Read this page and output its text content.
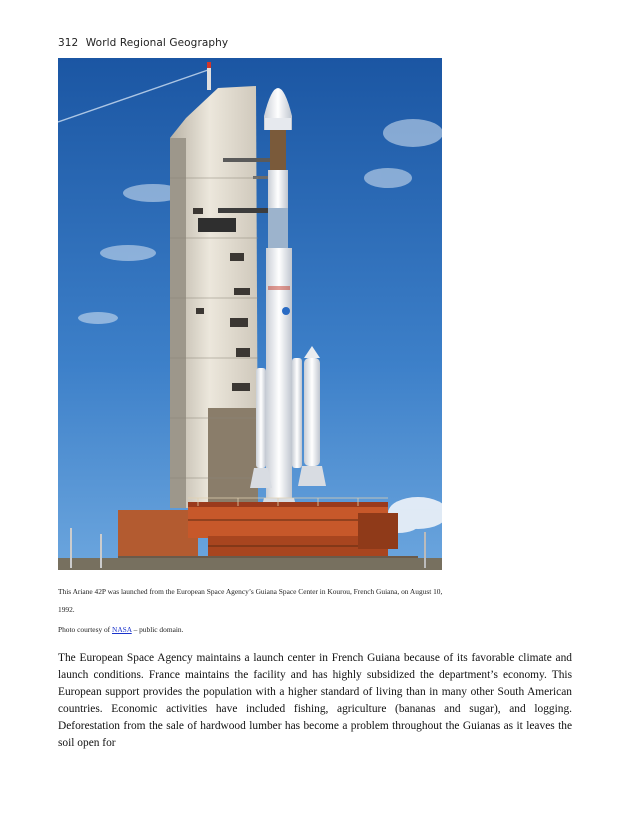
312 World Regional Geography
This Ariane 42P was launched from the European Space Agency’s Guiana Space Center in Kourou, French Guiana, on August 10, 1992.
Photo courtesy of NASA – public domain.

The European Space Agency maintains a launch center in French Guiana because of its favorable climate and launch conditions. France maintains the facility and has highly subsidized the department’s economy. This European support provides the population with a higher standard of living than in many other South American countries. Economic activities have included fishing, agriculture (bananas and sugar), and logging. Deforestation from the sale of hardwood lumber has become a problem throughout the Guianas as it leaves the soil open for
